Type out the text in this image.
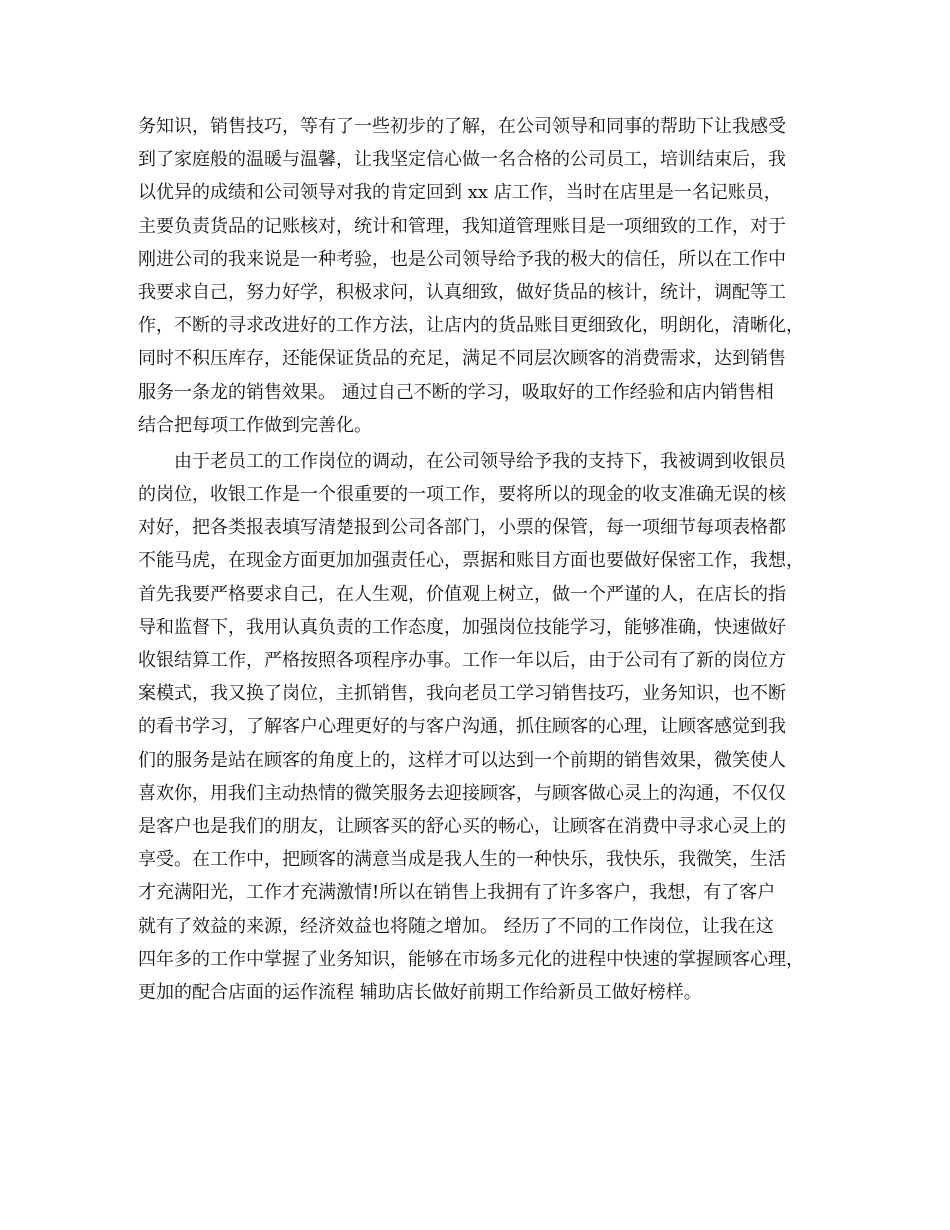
务知识，销售技巧，等有了一些初步的了解，在公司领导和同事的帮助下让我感受
到了家庭般的温暖与温馨，让我坚定信心做一名合格的公司员工，培训结束后，我
以优异的成绩和公司领导对我的肯定回到 xx 店工作，当时在店里是一名记账员，
主要负责货品的记账核对，统计和管理，我知道管理账目是一项细致的工作，对于
刚进公司的我来说是一种考验，也是公司领导给予我的极大的信任，所以在工作中
我要求自己，努力好学，积极求问，认真细致，做好货品的核计，统计，调配等工
作，不断的寻求改进好的工作方法，让店内的货品账目更细致化，明朗化，清晰化，
同时不积压库存，还能保证货品的充足，满足不同层次顾客的消费需求，达到销售
服务一条龙的销售效果。 通过自己不断的学习，吸取好的工作经验和店内销售相
结合把每项工作做到完善化。
由于老员工的工作岗位的调动，在公司领导给予我的支持下，我被调到收银员
的岗位，收银工作是一个很重要的一项工作，要将所以的现金的收支准确无误的核
对好，把各类报表填写清楚报到公司各部门，小票的保管，每一项细节每项表格都
不能马虎，在现金方面更加加强责任心，票据和账目方面也要做好保密工作，我想，
首先我要严格要求自己，在人生观，价值观上树立，做一个严谨的人，在店长的指
导和监督下，我用认真负责的工作态度，加强岗位技能学习，能够准确，快速做好
收银结算工作，严格按照各项程序办事。工作一年以后，由于公司有了新的岗位方
案模式，我又换了岗位，主抓销售，我向老员工学习销售技巧，业务知识，也不断
的看书学习，了解客户心理更好的与客户沟通，抓住顾客的心理，让顾客感觉到我
们的服务是站在顾客的角度上的，这样才可以达到一个前期的销售效果，微笑使人
喜欢你，用我们主动热情的微笑服务去迎接顾客，与顾客做心灵上的沟通，不仅仅
是客户也是我们的朋友，让顾客买的舒心买的畅心，让顾客在消费中寻求心灵上的
享受。在工作中，把顾客的满意当成是我人生的一种快乐，我快乐，我微笑，生活
才充满阳光，工作才充满激情!所以在销售上我拥有了许多客户，我想，有了客户
就有了效益的来源，经济效益也将随之增加。 经历了不同的工作岗位，让我在这
四年多的工作中掌握了业务知识，能够在市场多元化的进程中快速的掌握顾客心理，
更加的配合店面的运作流程 辅助店长做好前期工作给新员工做好榜样。
